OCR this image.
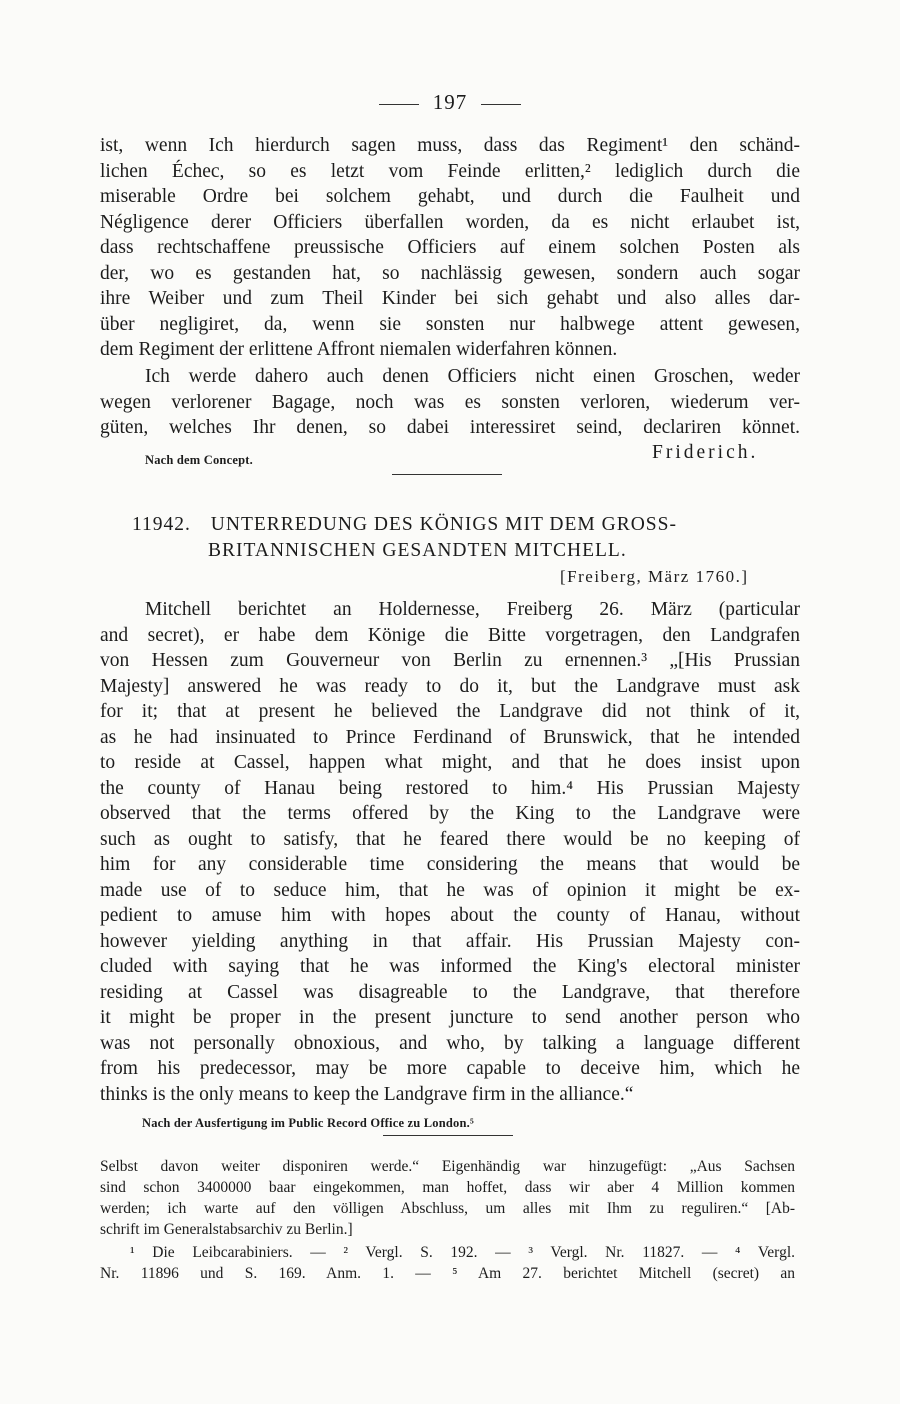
197
ist, wenn Ich hierdurch sagen muss, dass das Regiment¹ den schänd-
lichen Échec, so es letzt vom Feinde erlitten,² lediglich durch die
miserable Ordre bei solchem gehabt, und durch die Faulheit und
Négligence derer Officiers überfallen worden, da es nicht erlaubet ist,
dass rechtschaffene preussische Officiers auf einem solchen Posten als
der, wo es gestanden hat, so nachlässig gewesen, sondern auch sogar
ihre Weiber und zum Theil Kinder bei sich gehabt und also alles dar-
über negligiret, da, wenn sie sonsten nur halbwege attent gewesen,
dem Regiment der erlittene Affront niemalen widerfahren können.
Ich werde dahero auch denen Officiers nicht einen Groschen, weder
wegen verlorener Bagage, noch was es sonsten verloren, wiederum ver-
güten, welches Ihr denen, so dabei interessiret seind, declariren könnet.
Nach dem Concept.	Friderich.
11942. UNTERREDUNG DES KÖNIGS MIT DEM GROSS-
BRITANNISCHEN GESANDTEN MITCHELL.
[Freiberg, März 1760.]
Mitchell berichtet an Holdernesse, Freiberg 26. März (particular
and secret), er habe dem Könige die Bitte vorgetragen, den Landgrafen
von Hessen zum Gouverneur von Berlin zu ernennen.³ „[His Prussian
Majesty] answered he was ready to do it, but the Landgrave must ask
for it; that at present he believed the Landgrave did not think of it,
as he had insinuated to Prince Ferdinand of Brunswick, that he intended
to reside at Cassel, happen what might, and that he does insist upon
the county of Hanau being restored to him.⁴ His Prussian Majesty
observed that the terms offered by the King to the Landgrave were
such as ought to satisfy, that he feared there would be no keeping of
him for any considerable time considering the means that would be
made use of to seduce him, that he was of opinion it might be ex-
pedient to amuse him with hopes about the county of Hanau, without
however yielding anything in that affair. His Prussian Majesty con-
cluded with saying that he was informed the King's electoral minister
residing at Cassel was disagreable to the Landgrave, that therefore
it might be proper in the present juncture to send another person who
was not personally obnoxious, and who, by talking a language different
from his predecessor, may be more capable to deceive him, which he
thinks is the only means to keep the Landgrave firm in the alliance.“
Nach der Ausfertigung im Public Record Office zu London.⁵
Selbst davon weiter disponiren werde.“ Eigenhändig war hinzugefügt: „Aus Sachsen
sind schon 3400000 baar eingekommen, man hoffet, dass wir aber 4 Million kommen
werden; ich warte auf den völligen Abschluss, um alles mit Ihm zu reguliren.“ [Ab-
schrift im Generalstabsarchiv zu Berlin.]
¹ Die Leibcarabiniers. — ² Vergl. S. 192. — ³ Vergl. Nr. 11827. — ⁴ Vergl.
Nr. 11896 und S. 169. Anm. 1. — ⁵ Am 27. berichtet Mitchell (secret) an
